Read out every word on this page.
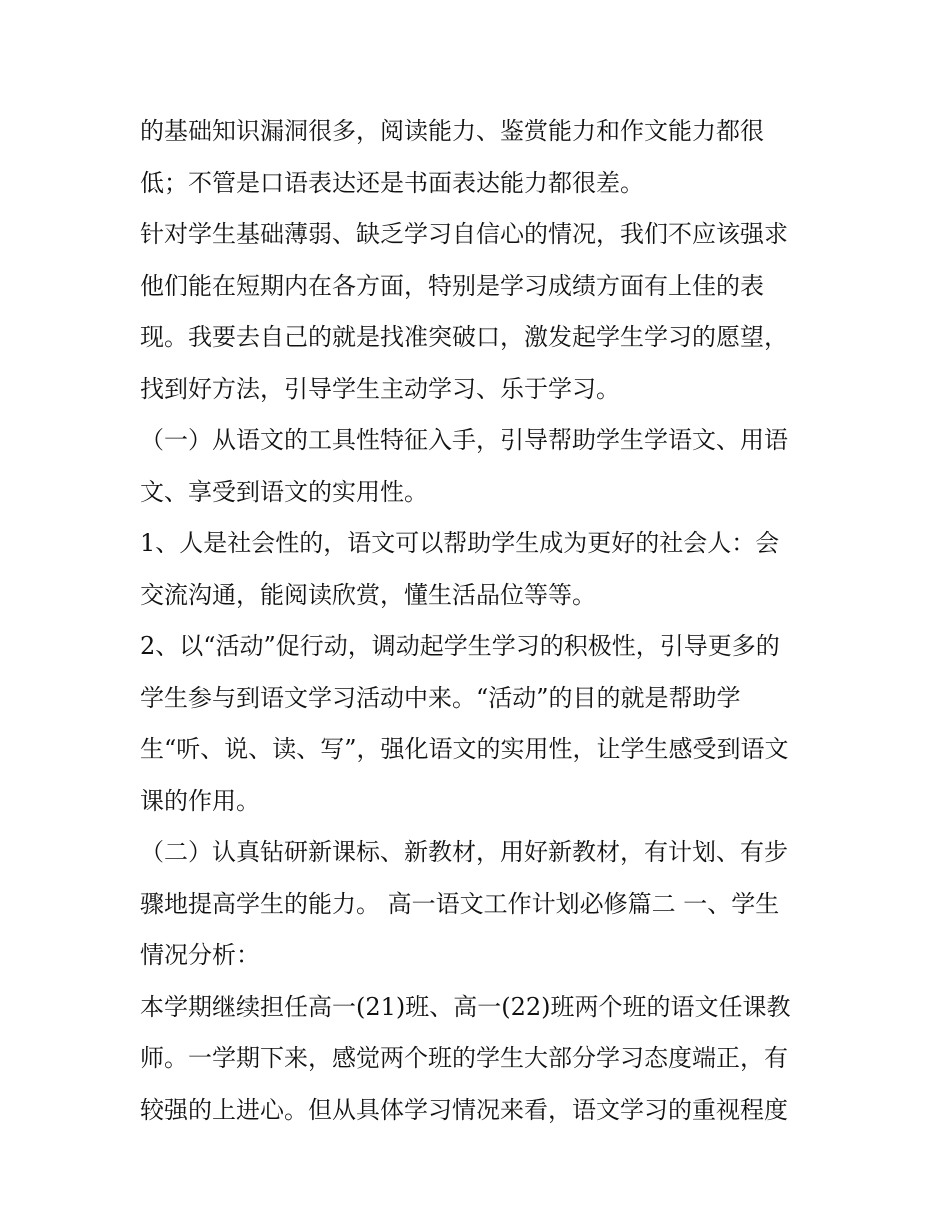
的基础知识漏洞很多，阅读能力、鉴赏能力和作文能力都很
低；不管是口语表达还是书面表达能力都很差。
针对学生基础薄弱、缺乏学习自信心的情况，我们不应该强求
他们能在短期内在各方面，特别是学习成绩方面有上佳的表
现。我要去自己的就是找准突破口，激发起学生学习的愿望，
找到好方法，引导学生主动学习、乐于学习。
（一）从语文的工具性特征入手，引导帮助学生学语文、用语
文、享受到语文的实用性。
1、人是社会性的，语文可以帮助学生成为更好的社会人：会
交流沟通，能阅读欣赏，懂生活品位等等。
2、以“活动”促行动，调动起学生学习的积极性，引导更多的
学生参与到语文学习活动中来。“活动”的目的就是帮助学
生“听、说、读、写”，强化语文的实用性，让学生感受到语文
课的作用。
（二）认真钻研新课标、新教材，用好新教材，有计划、有步
骤地提高学生的能力。 高一语文工作计划必修篇二 一、学生
情况分析：
本学期继续担任高一(21)班、高一(22)班两个班的语文任课教
师。一学期下来，感觉两个班的学生大部分学习态度端正，有
较强的上进心。但从具体学习情况来看，语文学习的重视程度
